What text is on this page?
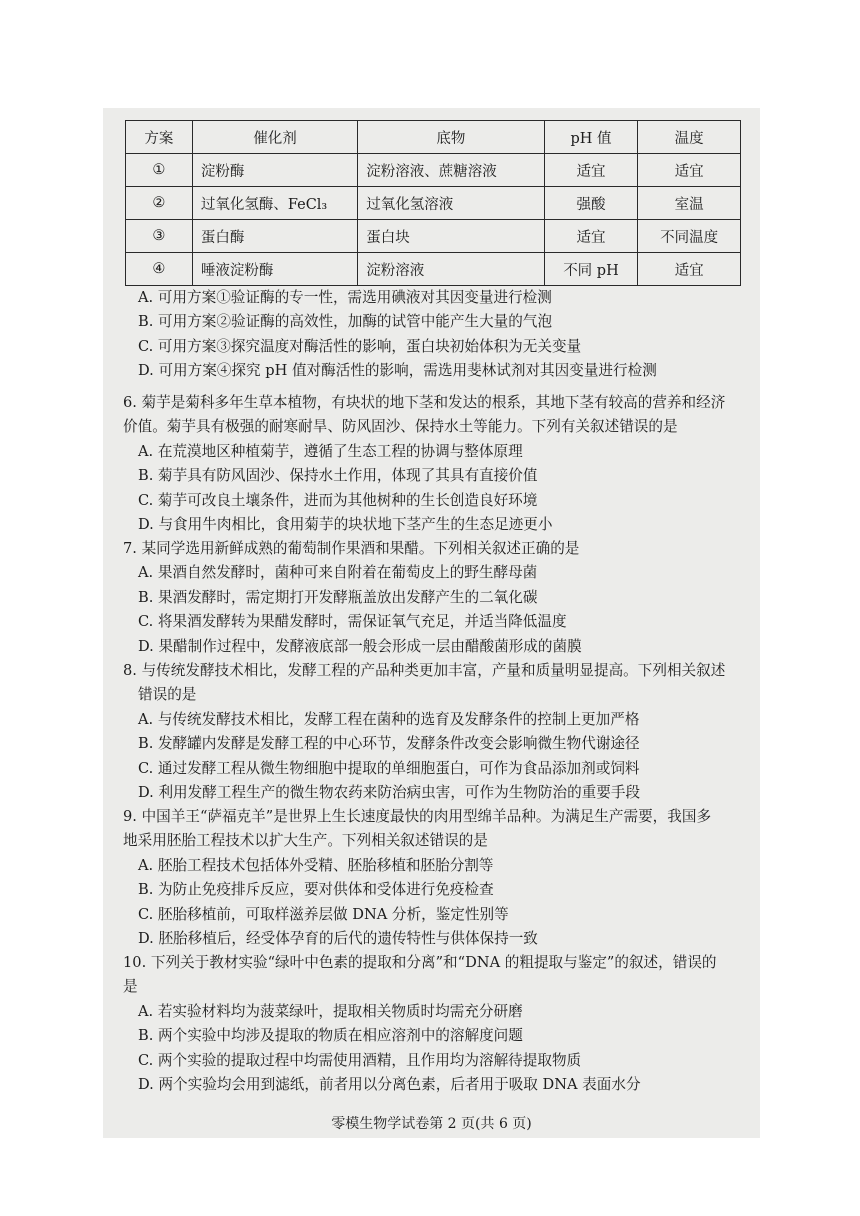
方案	催化剂	底物	pH 值	温度
①	淀粉酶	淀粉溶液、蔗糖溶液	适宜	适宜
②	过氧化氢酶、FeCl₃	过氧化氢溶液	强酸	室温
③	蛋白酶	蛋白块	适宜	不同温度
④	唾液淀粉酶	淀粉溶液	不同 pH	适宜

A. 可用方案①验证酶的专一性，需选用碘液对其因变量进行检测

B. 可用方案②验证酶的高效性，加酶的试管中能产生大量的气泡

C. 可用方案③探究温度对酶活性的影响，蛋白块初始体积为无关变量

D. 可用方案④探究 pH 值对酶活性的影响，需选用斐林试剂对其因变量进行检测

6. 菊芋是菊科多年生草本植物，有块状的地下茎和发达的根系，其地下茎有较高的营养和经济

价值。菊芋具有极强的耐寒耐旱、防风固沙、保持水土等能力。下列有关叙述错误的是

A. 在荒漠地区种植菊芋，遵循了生态工程的协调与整体原理

B. 菊芋具有防风固沙、保持水土作用，体现了其具有直接价值

C. 菊芋可改良土壤条件，进而为其他树种的生长创造良好环境

D. 与食用牛肉相比，食用菊芋的块状地下茎产生的生态足迹更小

7. 某同学选用新鲜成熟的葡萄制作果酒和果醋。下列相关叙述正确的是

A. 果酒自然发酵时，菌种可来自附着在葡萄皮上的野生酵母菌

B. 果酒发酵时，需定期打开发酵瓶盖放出发酵产生的二氧化碳

C. 将果酒发酵转为果醋发酵时，需保证氧气充足，并适当降低温度

D. 果醋制作过程中，发酵液底部一般会形成一层由醋酸菌形成的菌膜

8. 与传统发酵技术相比，发酵工程的产品种类更加丰富，产量和质量明显提高。下列相关叙述

错误的是

A. 与传统发酵技术相比，发酵工程在菌种的选育及发酵条件的控制上更加严格

B. 发酵罐内发酵是发酵工程的中心环节，发酵条件改变会影响微生物代谢途径

C. 通过发酵工程从微生物细胞中提取的单细胞蛋白，可作为食品添加剂或饲料

D. 利用发酵工程生产的微生物农药来防治病虫害，可作为生物防治的重要手段

9. 中国羊王“萨福克羊”是世界上生长速度最快的肉用型绵羊品种。为满足生产需要，我国多

地采用胚胎工程技术以扩大生产。下列相关叙述错误的是

A. 胚胎工程技术包括体外受精、胚胎移植和胚胎分割等

B. 为防止免疫排斥反应，要对供体和受体进行免疫检查

C. 胚胎移植前，可取样滋养层做 DNA 分析，鉴定性别等

D. 胚胎移植后，经受体孕育的后代的遗传特性与供体保持一致

10. 下列关于教材实验“绿叶中色素的提取和分离”和“DNA 的粗提取与鉴定”的叙述，错误的

是

A. 若实验材料均为菠菜绿叶，提取相关物质时均需充分研磨

B. 两个实验中均涉及提取的物质在相应溶剂中的溶解度问题

C. 两个实验的提取过程中均需使用酒精，且作用均为溶解待提取物质

D. 两个实验均会用到滤纸，前者用以分离色素，后者用于吸取 DNA 表面水分

零模生物学试卷第 2 页(共 6 页)
